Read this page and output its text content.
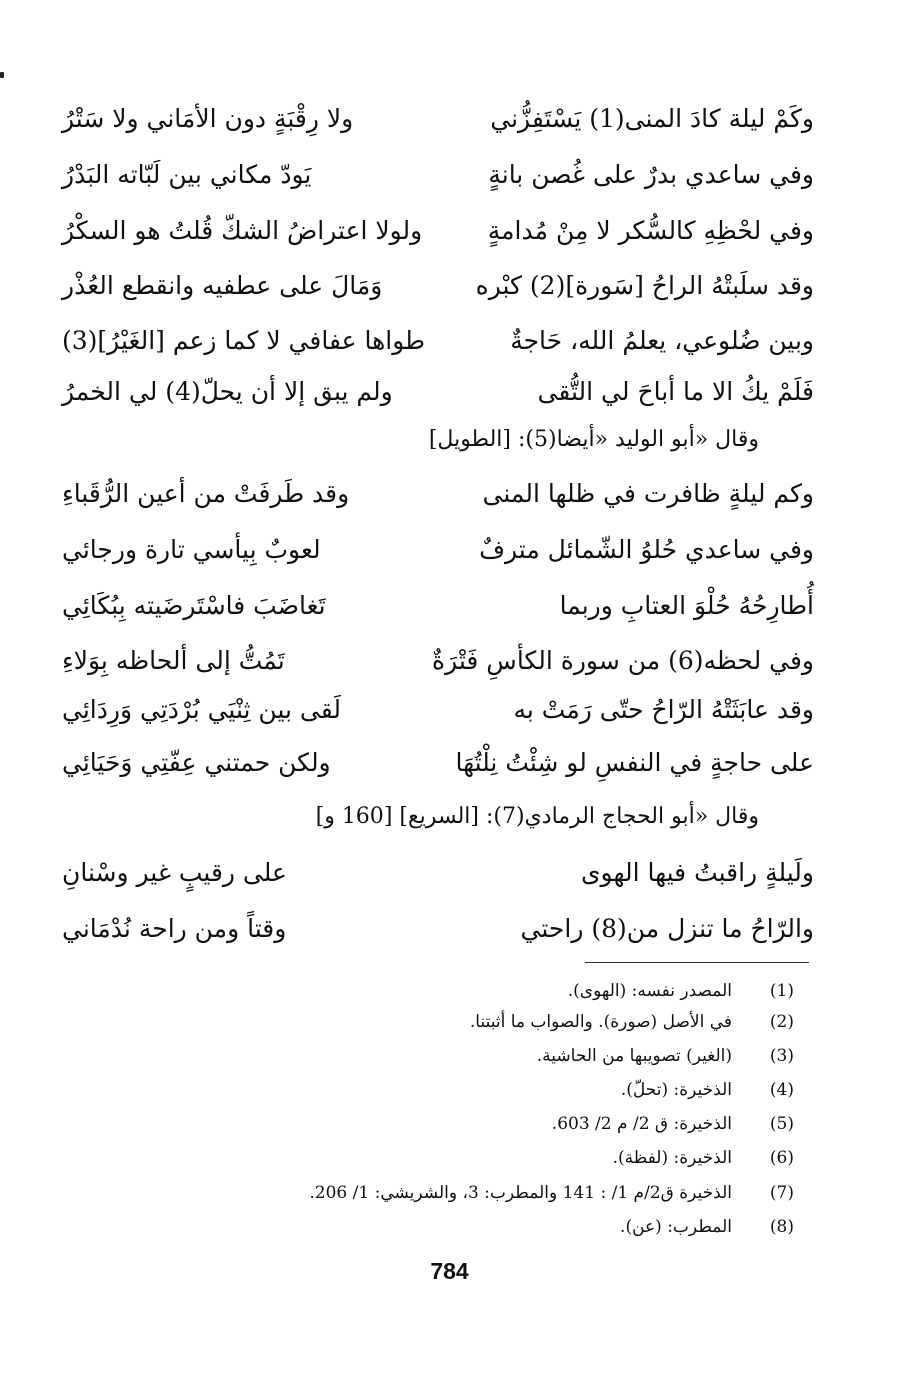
وكَمْ ليلة كادَ المنى(1) يَسْتَفِزُّني
ولا رِقْبَةٍ دون الأمَاني ولا سَتْرُ
وفي ساعدي بدرٌ على غُصن بانةٍ
يَودّ مكاني بين لَبّاته البَدْرُ
وفي لحْظِهِ كالسُّكر لا مِنْ مُدامةٍ
ولولا اعتراضُ الشكّ قُلتُ هو السكْرُ
وقد سلَبتْهُ الراحُ [سَورة](2) كبْره
وَمَالَ على عطفيه وانقطع العُذْر
وبين ضُلوعي، يعلمُ الله، حَاجةٌ
طواها عفافي لا كما زعم [الغَيْرُ](3)
فَلَمْ يكُ الا ما أباحَ لي التُّقى
ولم يبق إلا أن يحلّ(4) لي الخمرُ
وقال «أبو الوليد «أيضا(5): [الطويل]
وكم ليلةٍ ظافرت في ظلها المنى
وقد طَرفَتْ من أعين الرُّقَباءِ
وفي ساعدي حُلوُ الشّمائل مترفٌ
لعوبٌ بِيأسي تارة ورجائي
أُطارِحُهُ حُلْوَ العتابِ وربما
تَغاضَبَ فاسْتَرضَيته بِبُكَائِي
وفي لحظه(6) من سورة الكأسِ فَتْرَةٌ
تَمُتُّ إلى ألحاظه بِوَلاءِ
وقد عابَثَتْهُ الرّاحُ حتّى رَمَتْ به
لَقى بين ثِنْيَي بُرْدَتِي وَرِدَائِي
على حاجةٍ في النفسِ لو شِئْتُ نِلْتُهَا
ولكن حمتني عِفّتِي وَحَيَائِي
وقال «أبو الحجاج الرمادي(7): [السريع] [160 و]
ولَيلةٍ راقبتُ فيها الهوى
على رقيبٍ غير وسْنانِ
والرّاحُ ما تنزل من(8) راحتي
وقتاً ومن راحة نُدْمَاني
(1)
المصدر نفسه: (الهوى).
(2)
في الأصل (صورة). والصواب ما أثبتنا.
(3)
(الغير) تصويبها من الحاشية.
(4)
الذخيرة: (تحلّ).
(5)
الذخيرة: ق 2/ م 2/ 603.
(6)
الذخيرة: (لفظة).
(7)
الذخيرة ق2/م 1/ : 141 والمطرب: 3، والشريشي: 1/ 206.
(8)
المطرب: (عن).
784
